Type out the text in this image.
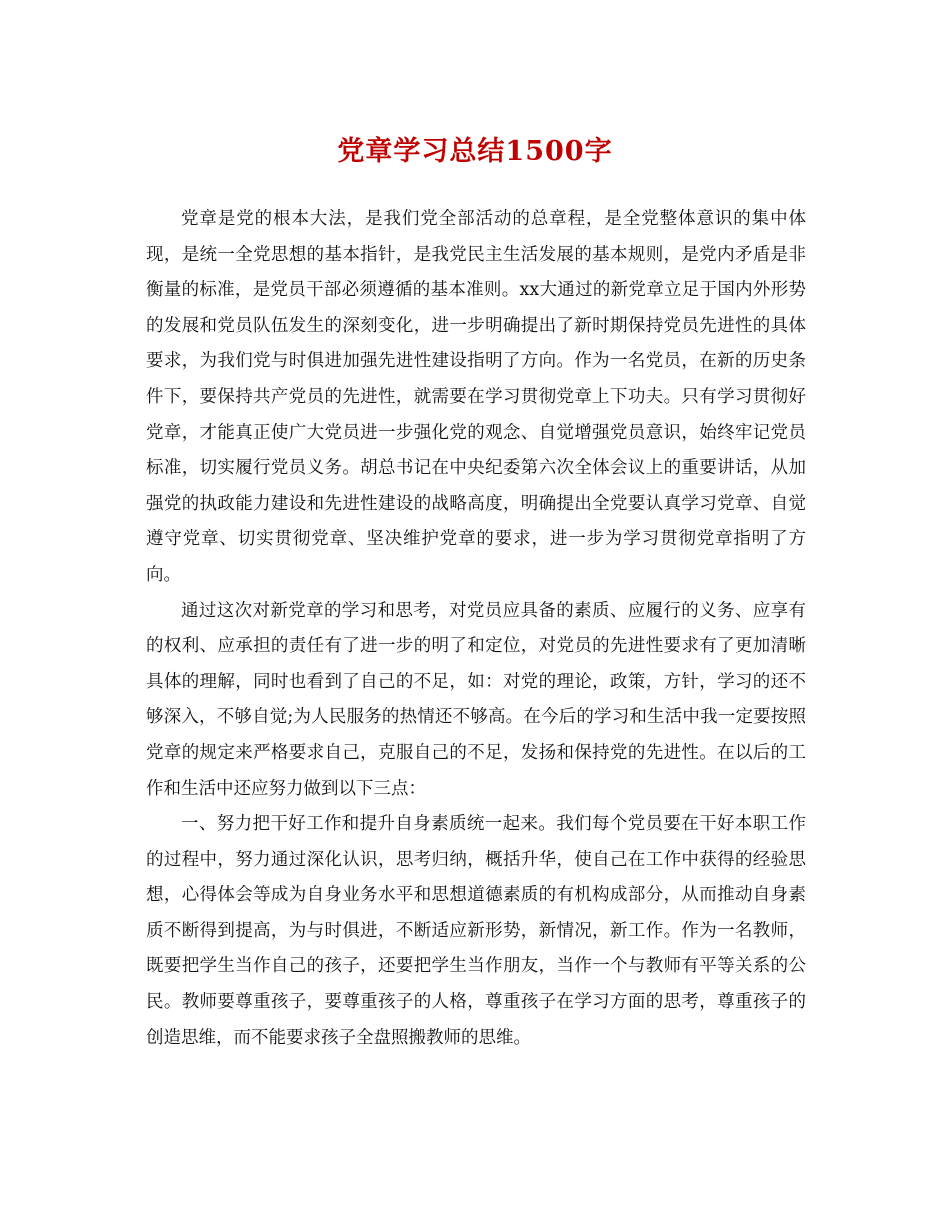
党章学习总结1500字

党章是党的根本大法，是我们党全部活动的总章程，是全党整体意识的集中体现，是统一全党思想的基本指针，是我党民主生活发展的基本规则，是党内矛盾是非衡量的标准，是党员干部必须遵循的基本准则。xx大通过的新党章立足于国内外形势的发展和党员队伍发生的深刻变化，进一步明确提出了新时期保持党员先进性的具体要求，为我们党与时俱进加强先进性建设指明了方向。作为一名党员，在新的历史条件下，要保持共产党员的先进性，就需要在学习贯彻党章上下功夫。只有学习贯彻好党章，才能真正使广大党员进一步强化党的观念、自觉增强党员意识，始终牢记党员标准，切实履行党员义务。胡总书记在中央纪委第六次全体会议上的重要讲话，从加强党的执政能力建设和先进性建设的战略高度，明确提出全党要认真学习党章、自觉遵守党章、切实贯彻党章、坚决维护党章的要求，进一步为学习贯彻党章指明了方向。

通过这次对新党章的学习和思考，对党员应具备的素质、应履行的义务、应享有的权利、应承担的责任有了进一步的明了和定位，对党员的先进性要求有了更加清晰具体的理解，同时也看到了自己的不足，如：对党的理论，政策，方针，学习的还不够深入，不够自觉;为人民服务的热情还不够高。在今后的学习和生活中我一定要按照党章的规定来严格要求自己，克服自己的不足，发扬和保持党的先进性。在以后的工作和生活中还应努力做到以下三点：

一、努力把干好工作和提升自身素质统一起来。我们每个党员要在干好本职工作的过程中，努力通过深化认识，思考归纳，概括升华，使自己在工作中获得的经验思想，心得体会等成为自身业务水平和思想道德素质的有机构成部分，从而推动自身素质不断得到提高，为与时俱进，不断适应新形势，新情况，新工作。作为一名教师，既要把学生当作自己的孩子，还要把学生当作朋友，当作一个与教师有平等关系的公民。教师要尊重孩子，要尊重孩子的人格，尊重孩子在学习方面的思考，尊重孩子的创造思维，而不能要求孩子全盘照搬教师的思维。
